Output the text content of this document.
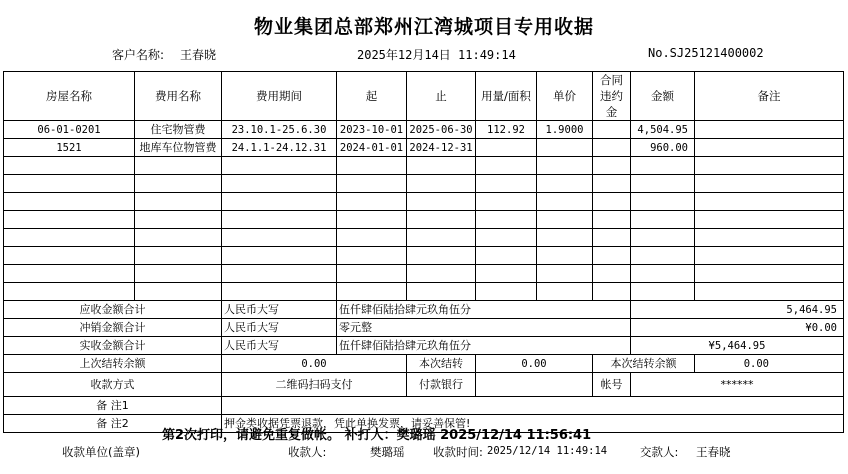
物业集团总部郑州江湾城项目专用收据
客户名称: 王春晓	2025年12月14日 11:49:14	No.SJ25121400002
房屋名称	费用名称	费用期间	起	止	用量/面积	单价	合同违约金	金额	备注
06-01-0201	住宅物管费	23.10.1-25.6.30	2023-10-01	2025-06-30	112.92	1.9000		4,504.95	
1521	地库车位物管费	24.1.1-24.12.31	2024-01-01	2024-12-31				960.00	

应收金额合计		人民币大写	伍仟肆佰陆拾肆元玖角伍分					5,464.95	
冲销金额合计		人民币大写	零元整					¥0.00	
实收金额合计		人民币大写	伍仟肆佰陆拾肆元玖角伍分					¥5,464.95	
上次结转余额		0.00		本次结转	0.00		本次结转余额		0.00
收款方式		二维码扫码支付		付款银行			帐号	******	
备 注1									
备 注2		押金类收据凭票退款，凭此单换发票，请妥善保管!							
第2次打印，请避免重复做帐。 补打人：樊璐瑶 2025/12/14 11:56:41
收款单位(盖章)	收款人:	樊璐瑶 收款时间: 2025/12/14 11:49:14	交款人: 王春晓
